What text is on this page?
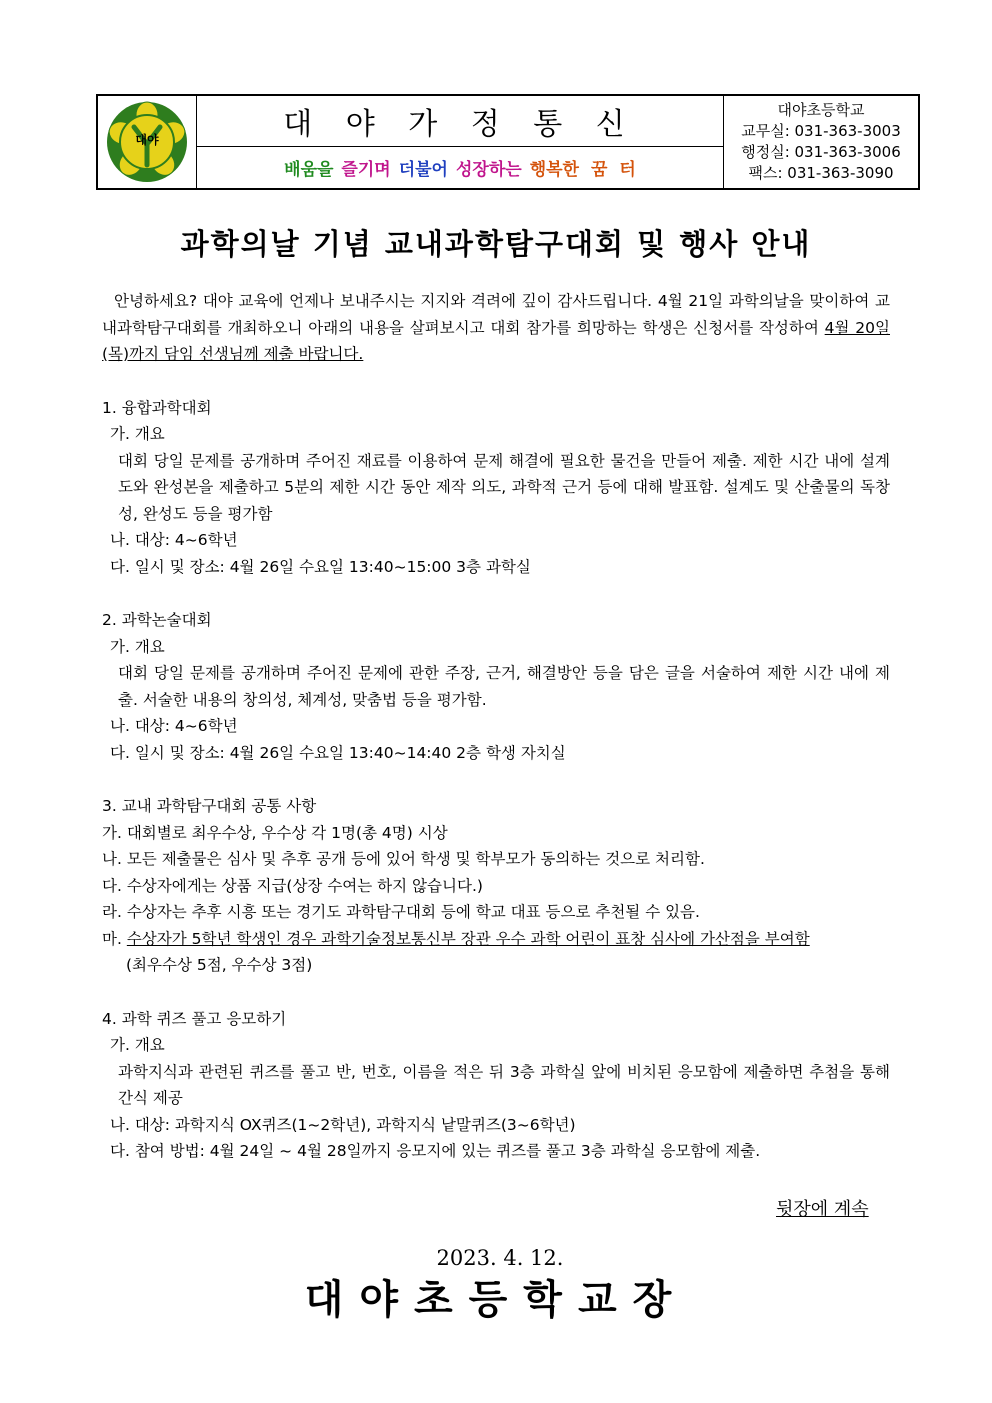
대야	대 야 가 정 통 신
배움을 즐기며 더불어 성장하는 행복한 꿈 터
대야초등학교
교무실: 031-363-3003
행정실: 031-363-3006
팩스: 031-363-3090
과학의날 기념 교내과학탐구대회 및 행사 안내

안녕하세요? 대야 교육에 언제나 보내주시는 지지와 격려에 깊이 감사드립니다. 4월 21일 과학의날을 맞이하여 교내과학탐구대회를 개최하오니 아래의 내용을 살펴보시고 대회 참가를 희망하는 학생은 신청서를 작성하여 4월 20일(목)까지 담임 선생님께 제출 바랍니다.

1. 융합과학대회

가. 개요

대회 당일 문제를 공개하며 주어진 재료를 이용하여 문제 해결에 필요한 물건을 만들어 제출. 제한 시간 내에 설계도와 완성본을 제출하고 5분의 제한 시간 동안 제작 의도, 과학적 근거 등에 대해 발표함. 설계도 및 산출물의 독창성, 완성도 등을 평가함

나. 대상: 4~6학년

다. 일시 및 장소: 4월 26일 수요일 13:40~15:00 3층 과학실

2. 과학논술대회

가. 개요

대회 당일 문제를 공개하며 주어진 문제에 관한 주장, 근거, 해결방안 등을 담은 글을 서술하여 제한 시간 내에 제출. 서술한 내용의 창의성, 체계성, 맞춤법 등을 평가함.

나. 대상: 4~6학년

다. 일시 및 장소: 4월 26일 수요일 13:40~14:40 2층 학생 자치실

3. 교내 과학탐구대회 공통 사항

가. 대회별로 최우수상, 우수상 각 1명(총 4명) 시상

나. 모든 제출물은 심사 및 추후 공개 등에 있어 학생 및 학부모가 동의하는 것으로 처리함.

다. 수상자에게는 상품 지급(상장 수여는 하지 않습니다.)

라. 수상자는 추후 시흥 또는 경기도 과학탐구대회 등에 학교 대표 등으로 추천될 수 있음.

마. 수상자가 5학년 학생인 경우 과학기술정보통신부 장관 우수 과학 어린이 표창 심사에 가산점을 부여함

(최우수상 5점, 우수상 3점)

4. 과학 퀴즈 풀고 응모하기

가. 개요

과학지식과 관련된 퀴즈를 풀고 반, 번호, 이름을 적은 뒤 3층 과학실 앞에 비치된 응모함에 제출하면 추첨을 통해 간식 제공

나. 대상: 과학지식 OX퀴즈(1~2학년), 과학지식 낱말퀴즈(3~6학년)

다. 참여 방법: 4월 24일 ~ 4월 28일까지 응모지에 있는 퀴즈를 풀고 3층 과학실 응모함에 제출.

뒷장에 계속
2023. 4. 12.
대야초등학교장
